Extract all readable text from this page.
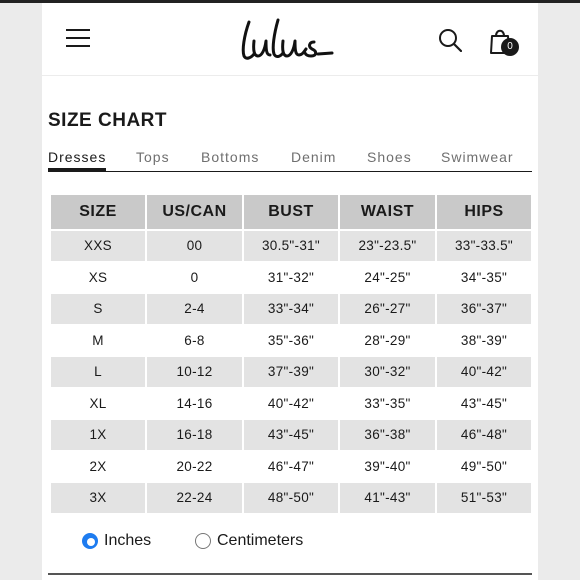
0
SIZE CHART
Dresses Tops Bottoms Denim Shoes Swimwear
SIZE	US/CAN	BUST	WAIST	HIPS
XXS	00	30.5"-31"	23"-23.5"	33"-33.5"
XS	0	31"-32"	24"-25"	34"-35"
S	2-4	33"-34"	26"-27"	36"-37"
M	6-8	35"-36"	28"-29"	38"-39"
L	10-12	37"-39"	30"-32"	40"-42"
XL	14-16	40"-42"	33"-35"	43"-45"
1X	16-18	43"-45"	36"-38"	46"-48"
2X	20-22	46"-47"	39"-40"	49"-50"
3X	22-24	48"-50"	41"-43"	51"-53"
Inches	Centimeters
